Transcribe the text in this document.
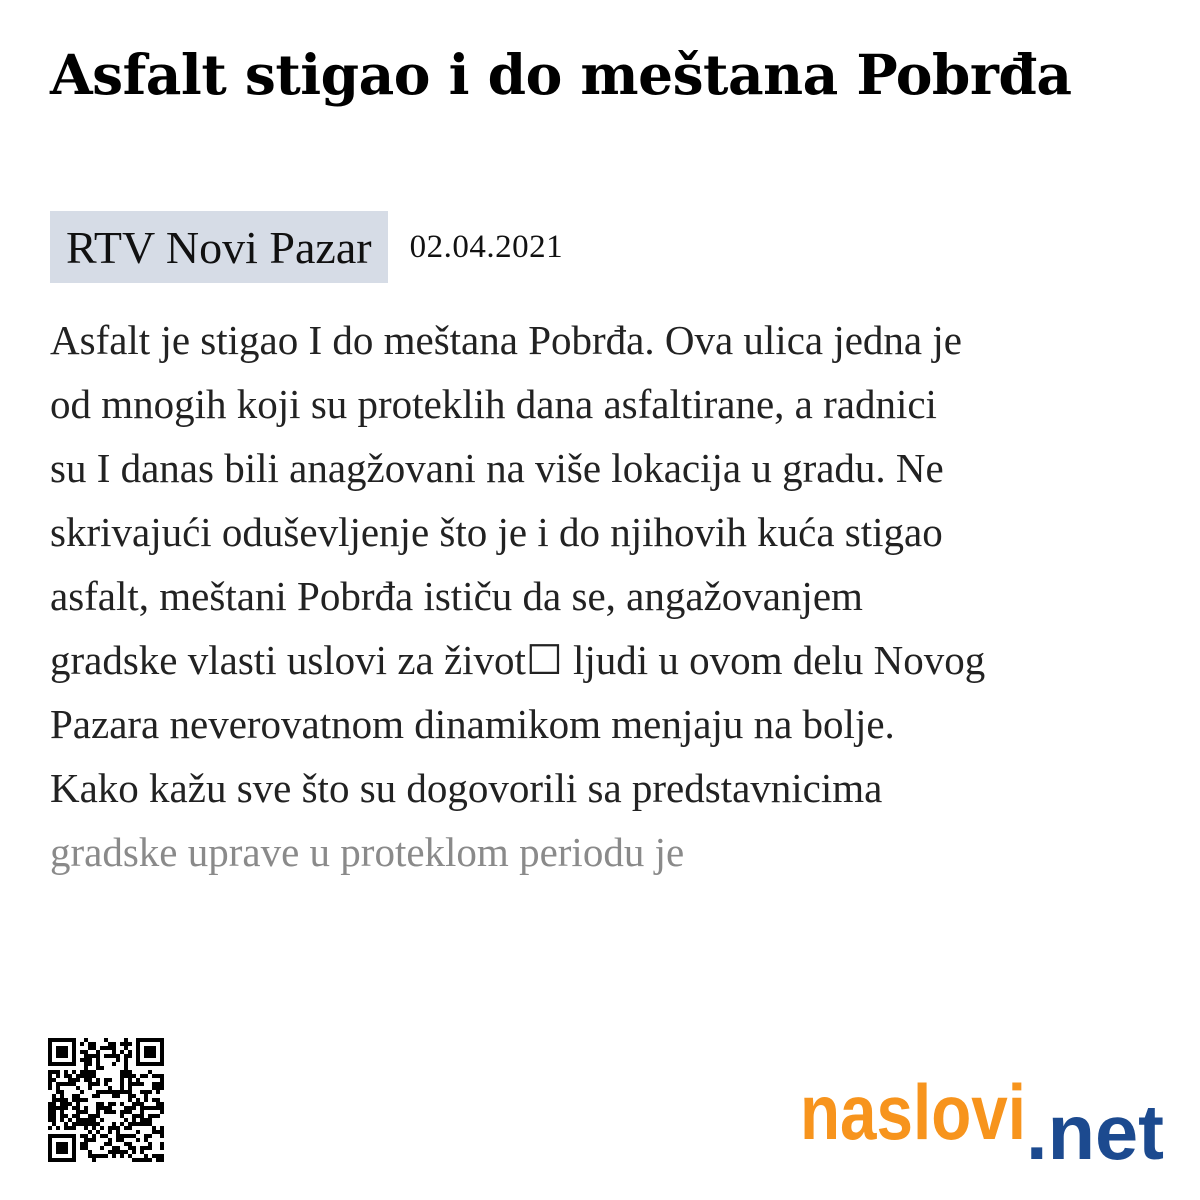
Asfalt stigao i do meštana Pobrđa
RTV Novi Pazar	02.04.2021
Asfalt je stigao I do meštana Pobrđa. Ova ulica jedna je
od mnogih koji su proteklih dana asfaltirane, a radnici
su I danas bili anagžovani na više lokacija u gradu. Ne
skrivajući oduševljenje što je i do njihovih kuća stigao
asfalt, meštani Pobrđa ističu da se, angažovanjem
gradske vlasti uslovi za život☐ ljudi u ovom delu Novog
Pazara neverovatnom dinamikom menjaju na bolje.
Kako kažu sve što su dogovorili sa predstavnicima
gradske uprave u proteklom periodu je
naslovi .net
